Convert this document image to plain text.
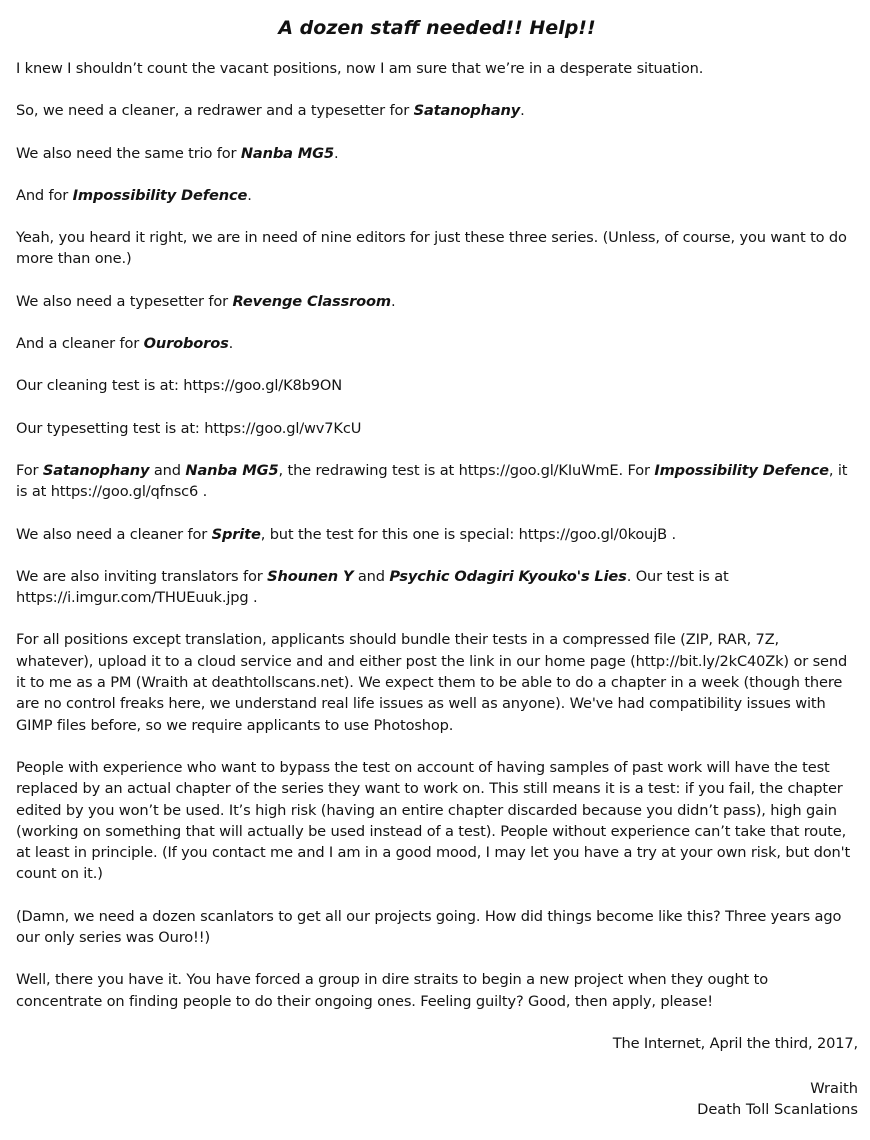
A dozen staff needed!! Help!!

I knew I shouldn’t count the vacant positions, now I am sure that we’re in a desperate situation.

So, we need a cleaner, a redrawer and a typesetter for Satanophany.

We also need the same trio for Nanba MG5.

And for Impossibility Defence.

Yeah, you heard it right, we are in need of nine editors for just these three series. (Unless, of course, you want to do more than one.)

We also need a typesetter for Revenge Classroom.

And a cleaner for Ouroboros.

Our cleaning test is at: https://goo.gl/K8b9ON

Our typesetting test is at: https://goo.gl/wv7KcU

For Satanophany and Nanba MG5, the redrawing test is at https://goo.gl/KIuWmE. For Impossibility Defence, it is at https://goo.gl/qfnsc6 .

We also need a cleaner for Sprite, but the test for this one is special: https://goo.gl/0koujB .

We are also inviting translators for Shounen Y and Psychic Odagiri Kyouko's Lies. Our test is at https://i.imgur.com/THUEuuk.jpg .

For all positions except translation, applicants should bundle their tests in a compressed file (ZIP, RAR, 7Z, whatever), upload it to a cloud service and and either post the link in our home page (http://bit.ly/2kC40Zk) or send it to me as a PM (Wraith at deathtollscans.net). We expect them to be able to do a chapter in a week (though there are no control freaks here, we understand real life issues as well as anyone). We've had compatibility issues with GIMP files before, so we require applicants to use Photoshop.

People with experience who want to bypass the test on account of having samples of past work will have the test replaced by an actual chapter of the series they want to work on. This still means it is a test: if you fail, the chapter edited by you won’t be used. It’s high risk (having an entire chapter discarded because you didn’t pass), high gain (working on something that will actually be used instead of a test). People without experience can’t take that route, at least in principle. (If you contact me and I am in a good mood, I may let you have a try at your own risk, but don't count on it.)

(Damn, we need a dozen scanlators to get all our projects going. How did things become like this? Three years ago our only series was Ouro!!)

Well, there you have it. You have forced a group in dire straits to begin a new project when they ought to concentrate on finding people to do their ongoing ones. Feeling guilty? Good, then apply, please!

The Internet, April the third, 2017,

Wraith
Death Toll Scanlations
